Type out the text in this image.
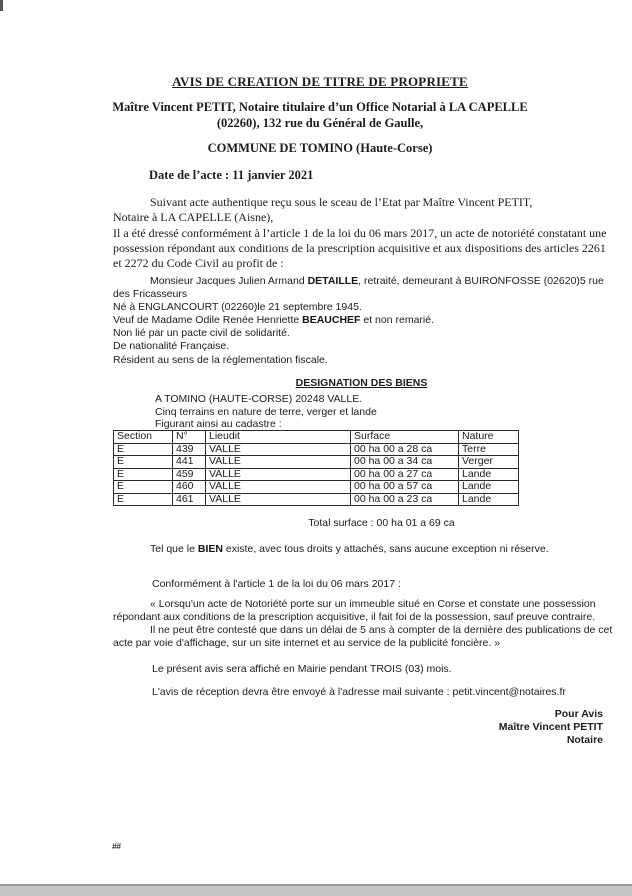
AVIS DE CREATION DE TITRE DE PROPRIETE
Maître Vincent PETIT, Notaire titulaire d’un Office Notarial à LA CAPELLE
(02260), 132 rue du Général de Gaulle,
COMMUNE DE TOMINO (Haute-Corse)
Date de l’acte : 11 janvier 2021
Suivant acte authentique reçu sous le sceau de l’Etat par Maître Vincent PETIT,
Notaire à LA CAPELLE (Aisne),
Il a été dressé conformément à l’article 1 de la loi du 06 mars 2017, un acte de notoriété constatant une possession répondant aux conditions de la prescription acquisitive et aux dispositions des articles 2261 et 2272 du Code Civil au profit de :

Monsieur Jacques Julien Armand DETAILLE, retraité, demeurant à BUIRONFOSSE (02620)5 rue des Fricasseurs

Né à ENGLANCOURT (02260)le 21 septembre 1945.

Veuf de Madame Odile Renée Henriette BEAUCHEF et non remarié.

Non lié par un pacte civil de solidarité.

De nationalité Française.

Résident au sens de la réglementation fiscale.

DESIGNATION DES BIENS
A TOMINO (HAUTE-CORSE) 20248 VALLE.
Cinq terrains en nature de terre, verger et lande
Figurant ainsi au cadastre :
Section	N°	Lieudit	Surface	Nature
E	439	VALLE	00 ha 00 a 28 ca	Terre
E	441	VALLE	00 ha 00 a 34 ca	Verger
E	459	VALLE	00 ha 00 a 27 ca	Lande
E	460	VALLE	00 ha 00 a 57 ca	Lande
E	461	VALLE	00 ha 00 a 23 ca	Lande
Total surface : 00 ha 01 a 69 ca
Tel que le BIEN existe, avec tous droits y attachés, sans aucune exception ni réserve.
Conformément à l'article 1 de la loi du 06 mars 2017 :

« Lorsqu'un acte de Notoriété porte sur un immeuble situé en Corse et constate une possession répondant aux conditions de la prescription acquisitive, il fait foi de la possession, sauf preuve contraire.

Il ne peut être contesté que dans un délai de 5 ans à compter de la dernière des publications de cet acte par voie d'affichage, sur un site internet et au service de la publicité foncière. »

Le présent avis sera affiché en Mairie pendant TROIS (03) mois.
L'avis de réception devra être envoyé à l'adresse mail suivante : petit.vincent@notaires.fr
Pour Avis
Maître Vincent PETIT
Notaire
##
